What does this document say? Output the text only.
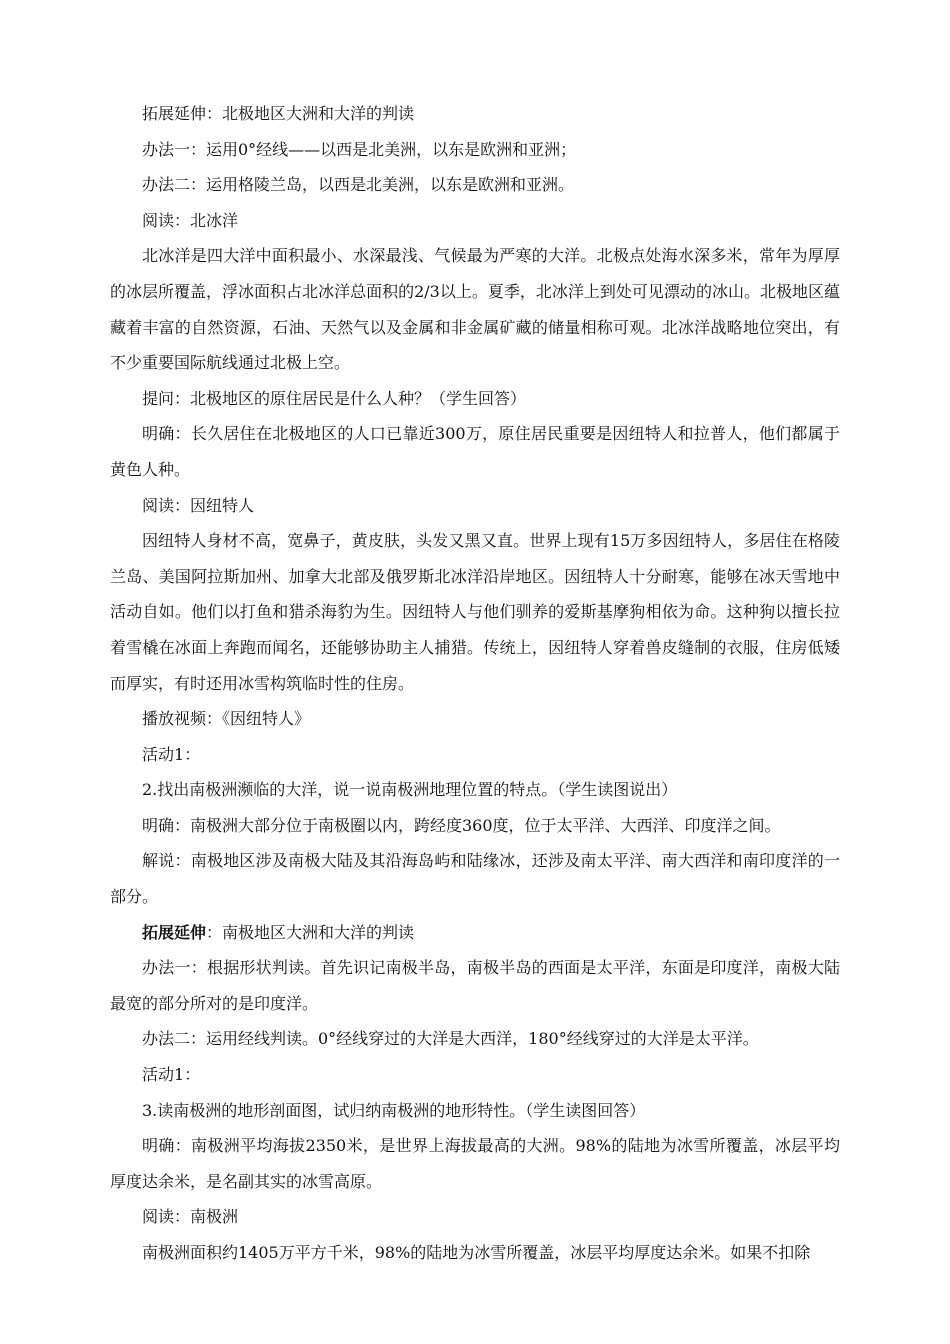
拓展延伸：北极地区大洲和大洋的判读

办法一：运用0°经线——以西是北美洲，以东是欧洲和亚洲；

办法二：运用格陵兰岛，以西是北美洲，以东是欧洲和亚洲。

阅读：北冰洋

北冰洋是四大洋中面积最小、水深最浅、气候最为严寒的大洋。北极点处海水深多米，常年为厚厚的冰层所覆盖，浮冰面积占北冰洋总面积的2/3以上。夏季，北冰洋上到处可见漂动的冰山。北极地区蕴藏着丰富的自然资源，石油、天然气以及金属和非金属矿藏的储量相称可观。北冰洋战略地位突出，有不少重要国际航线通过北极上空。

提问：北极地区的原住居民是什么人种？（学生回答）

明确：长久居住在北极地区的人口已靠近300万，原住居民重要是因纽特人和拉普人，他们都属于黄色人种。

阅读：因纽特人

因纽特人身材不高，宽鼻子，黄皮肤，头发又黑又直。世界上现有15万多因纽特人，多居住在格陵兰岛、美国阿拉斯加州、加拿大北部及俄罗斯北冰洋沿岸地区。因纽特人十分耐寒，能够在冰天雪地中活动自如。他们以打鱼和猎杀海豹为生。因纽特人与他们驯养的爱斯基摩狗相依为命。这种狗以擅长拉着雪橇在冰面上奔跑而闻名，还能够协助主人捕猎。传统上，因纽特人穿着兽皮缝制的衣服，住房低矮而厚实，有时还用冰雪构筑临时性的住房。

播放视频：《因纽特人》

活动1：

2.找出南极洲濒临的大洋，说一说南极洲地理位置的特点。（学生读图说出）

明确：南极洲大部分位于南极圈以内，跨经度360度，位于太平洋、大西洋、印度洋之间。

解说：南极地区涉及南极大陆及其沿海岛屿和陆缘冰，还涉及南太平洋、南大西洋和南印度洋的一部分。

拓展延伸：南极地区大洲和大洋的判读

办法一：根据形状判读。首先识记南极半岛，南极半岛的西面是太平洋，东面是印度洋，南极大陆最宽的部分所对的是印度洋。

办法二：运用经线判读。0°经线穿过的大洋是大西洋，180°经线穿过的大洋是太平洋。

活动1：

3.读南极洲的地形剖面图，试归纳南极洲的地形特性。（学生读图回答）

明确：南极洲平均海拔2350米，是世界上海拔最高的大洲。98%的陆地为冰雪所覆盖，冰层平均厚度达余米，是名副其实的冰雪高原。

阅读：南极洲

南极洲面积约1405万平方千米，98%的陆地为冰雪所覆盖，冰层平均厚度达余米。如果不扣除
